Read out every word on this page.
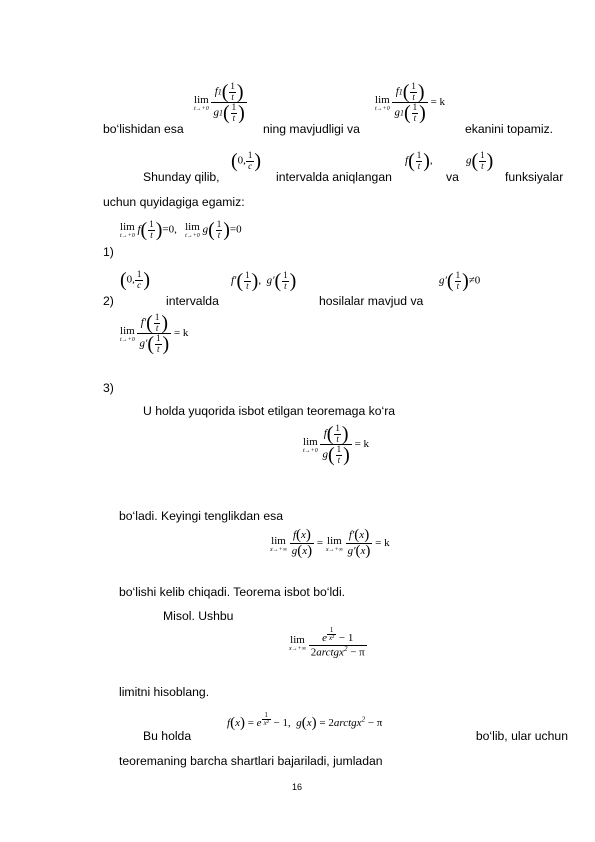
bo‘lishidan esa
lim
t→+0
$\frac{f1( \frac{1}{t} )}{g1( \frac{1}{t} )}$
ning mavjudligi va
lim
t→+0
$\frac{f1( \frac{1}{t} )}{g1( \frac{1}{t} )} = k$
ekanini topamiz.
Shunday qilib,
(0, $\frac{1}{c}$ )
intervalda aniqlangan
$f( \frac{1}{t}$ ),
va
$g( \frac{1}{t}$ )
funksiyalar
uchun quyidagiga egamiz:
lim
t→+0
$f( \frac{1}{t} )=0$, lim
t→+0
$g( \frac{1}{t} )=0$
1)
(0, $\frac{1}{c}$ )
2)	intervalda
$f'( \frac{1}{t}$ ),  $g'( \frac{1}{t}$ )
hosilalar mavjud va
$g'( \frac{1}{t} )\ne 0$
lim
t→+0
$\frac{f'( \frac{1}{t} )}{g'( \frac{1}{t} )} = k$
3)
U holda yuqorida isbot etilgan teoremaga ko‘ra
lim
t→+0
$\frac{f( \frac{1}{t} )}{g( \frac{1}{t} )} = k$
bo‘ladi. Keyingi tenglikdan esa
lim
x→+∞
$\frac{f(x)}{g(x)} = \lim$
x→+∞
$\frac{f'(x)}{g'(x)} = k$
bo‘lishi kelib chiqadi. Teorema isbot bo‘ldi.
Misol. Ushbu
lim
x→+∞
e $^{\frac{1}{\text{x²}}}$ − 1
2arctgx$^2$ − π
limitni hisoblang.
Bu holda
f(x) = e $^{\frac{1}{\text{x²}}}$ − 1,  g(x) = 2arctgx$^2$ − π
bo‘lib, ular uchun
teoremaning barcha shartlari bajariladi, jumladan
16
